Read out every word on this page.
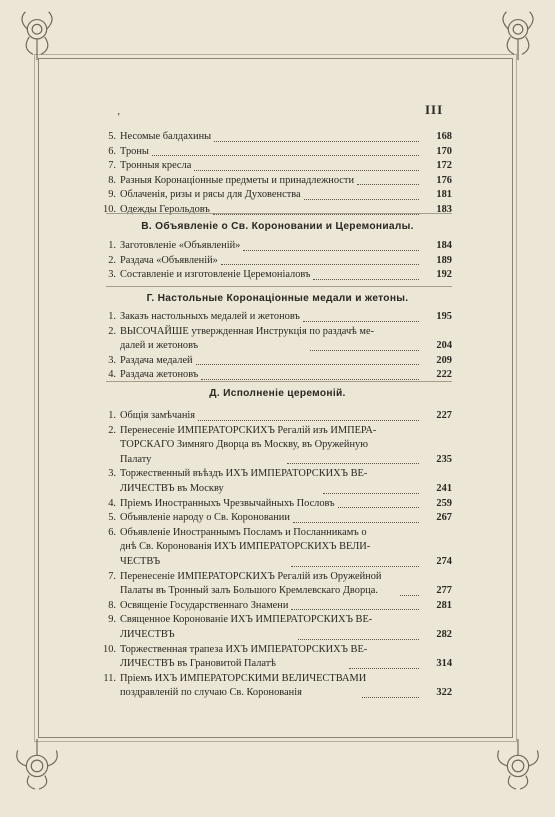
III
’
5. Несомые балдахины	168
6. Троны	170
7. Тронныя кресла	172
8. Разныя Коронаціонные предметы и принадлежности	176
9. Облаченія, ризы и рясы для Духовенства	181
10. Одежды Герольдовъ	183
В. Объявленіе о Св. Короновании и Церемониалы.
1. Заготовленіе «Объявленій»	184
2. Раздача «Объявленій»	189
3. Составленіе и изготовленіе Церемоніаловъ	192
Г. Настольные Коронаціонные медали и жетоны.
1. Заказъ настольныхъ медалей и жетоновъ	195
2. ВЫСОЧАЙШЕ утвержденная Инструкція по раздачѣ ме-
далей и жетоновъ	204
3. Раздача медалей	209
4. Раздача жетоновъ	222
Д. Исполненіе церемоній.
1. Общія замѣчанія	227
2. Перенесеніе ИМПЕРАТОРСКИХЪ Регалій изъ ИМПЕРА-
ТОРСКАГО Зимняго Дворца въ Москву, въ Оружейную
Палату	235
3. Торжественный въѣздъ ИХЪ ИМПЕРАТОРСКИХЪ ВЕ-
ЛИЧЕСТВЪ въ Москву	241
4. Пріемъ Иностранныхъ Чрезвычайныхъ Пословъ	259
5. Объявленіе народу о Св. Короновании	267
6. Объявленіе Иностраннымъ Посламъ и Посланникамъ о
днѣ Св. Коронованія ИХЪ ИМПЕРАТОРСКИХЪ ВЕЛИ-
ЧЕСТВЪ	274
7. Перенесеніе ИМПЕРАТОРСКИХЪ Регалій изъ Оружейной
Палаты въ Тронный залъ Большого Кремлевскаго Дворца.	277
8. Освященіе Государственнаго Знамени	281
9. Священное Коронованіе ИХЪ ИМПЕРАТОРСКИХЪ ВЕ-
ЛИЧЕСТВЪ	282
10. Торжественная трапеза ИХЪ ИМПЕРАТОРСКИХЪ ВЕ-
ЛИЧЕСТВЪ въ Грановитой Палатѣ	314
11. Пріемъ ИХЪ ИМПЕРАТОРСКИМИ ВЕЛИЧЕСТВАМИ
поздравленій по случаю Св. Коронованія	322
